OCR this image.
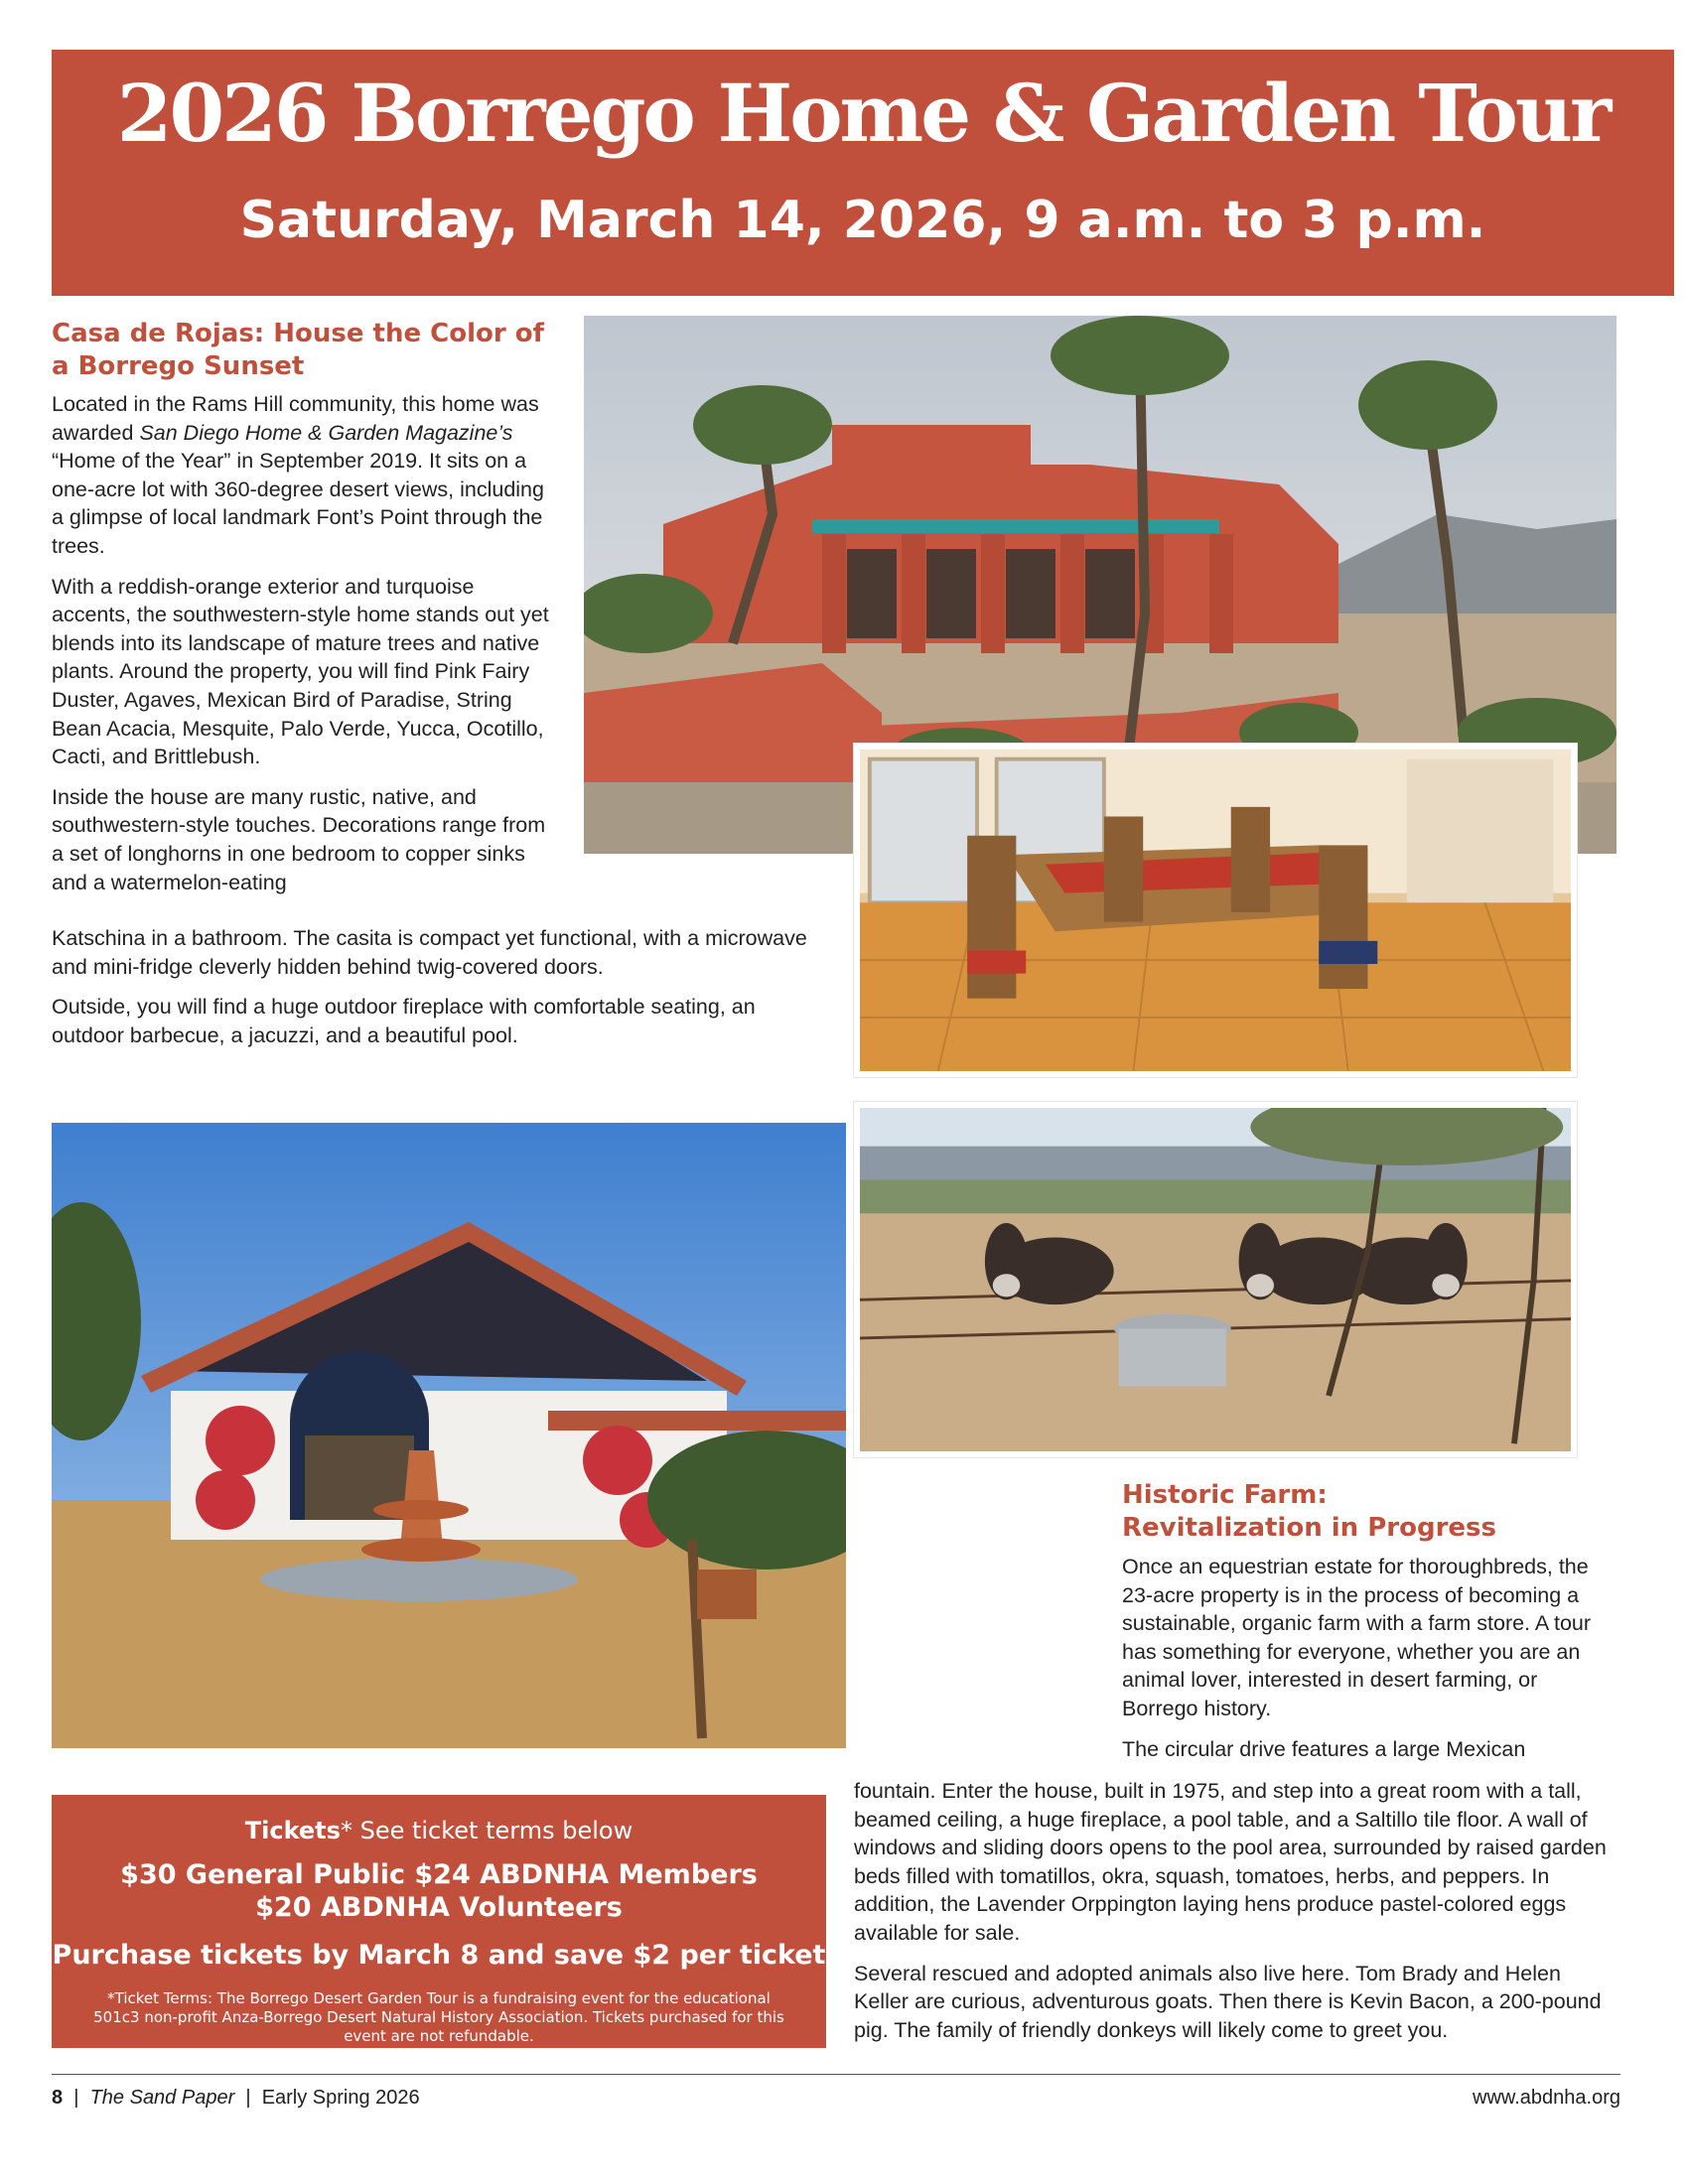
2026 Borrego Home & Garden Tour
Saturday, March 14, 2026, 9 a.m. to 3 p.m.
Casa de Rojas: House the Color of
a Borrego Sunset

Located in the Rams Hill community, this home was awarded San Diego Home & Garden Magazine’s “Home of the Year” in September 2019. It sits on a one-acre lot with 360-degree desert views, including a glimpse of local landmark Font’s Point through the trees.

With a reddish-orange exterior and turquoise accents, the southwestern-style home stands out yet blends into its landscape of mature trees and native plants. Around the property, you will find Pink Fairy Duster, Agaves, Mexican Bird of Paradise, String Bean Acacia, Mesquite, Palo Verde, Yucca, Ocotillo, Cacti, and Brittlebush.

Inside the house are many rustic, native, and southwestern-style touches. Decorations range from a set of longhorns in one bedroom to copper sinks and a watermelon-eating

Katschina in a bathroom. The casita is compact yet functional, with a microwave and mini-fridge cleverly hidden behind twig-covered doors.

Outside, you will find a huge outdoor fireplace with comfortable seating, an outdoor barbecue, a jacuzzi, and a beautiful pool.

Historic Farm:
Revitalization in Progress

Once an equestrian estate for thoroughbreds, the 23-acre property is in the process of becoming a sustainable, organic farm with a farm store. A tour has something for everyone, whether you are an animal lover, interested in desert farming, or Borrego history.

The circular drive features a large Mexican

fountain. Enter the house, built in 1975, and step into a great room with a tall, beamed ceiling, a huge fireplace, a pool table, and a Saltillo tile floor. A wall of windows and sliding doors opens to the pool area, surrounded by raised garden beds filled with tomatillos, okra, squash, tomatoes, herbs, and peppers. In addition, the Lavender Orppington laying hens produce pastel-colored eggs available for sale.

Several rescued and adopted animals also live here. Tom Brady and Helen Keller are curious, adventurous goats. Then there is Kevin Bacon, a 200-pound pig. The family of friendly donkeys will likely come to greet you.

Tickets* See ticket terms below
$30 General Public $24 ABDNHA Members
$20 ABDNHA Volunteers
Purchase tickets by March 8 and save $2 per ticket
*Ticket Terms: The Borrego Desert Garden Tour is a fundraising event for the educational 501c3 non-profit Anza-Borrego Desert Natural History Association. Tickets purchased for this event are not refundable.
8 | The Sand Paper | Early Spring 2026	www.abdnha.org
